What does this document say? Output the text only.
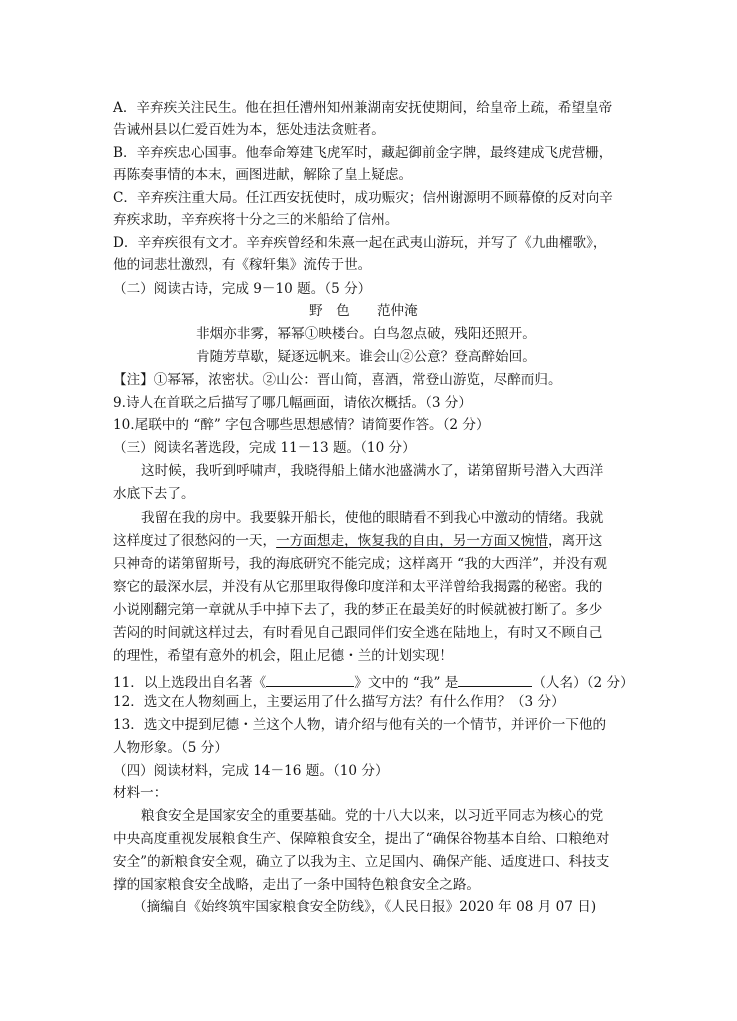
A．辛弃疾关注民生。他在担任漕州知州兼湖南安抚使期间，给皇帝上疏，希望皇帝
告诫州县以仁爱百姓为本，惩处违法贪赃者。
B．辛弃疾忠心国事。他奉命筹建飞虎军时，藏起御前金字牌，最终建成飞虎营栅，
再陈奏事情的本末，画图进献，解除了皇上疑虑。
C．辛弃疾注重大局。任江西安抚使时，成功赈灾；信州谢源明不顾幕僚的反对向辛
弃疾求助，辛弃疾将十分之三的米船给了信州。
D．辛弃疾很有文才。辛弃疾曾经和朱熹一起在武夷山游玩，并写了《九曲櫂歌》，
他的词悲壮激烈，有《稼轩集》流传于世。
（二）阅读古诗，完成 9－10 题。（5 分）
野　色　　范仲淹
非烟亦非雾，幂幂①映楼台。白鸟忽点破，残阳还照开。
肯随芳草歇，疑逐远帆来。谁会山②公意？登高醉始回。
【注】①幂幂，浓密状。②山公：晋山简，喜酒，常登山游览，尽醉而归。
9.诗人在首联之后描写了哪几幅画面，请依次概括。（3 分）
10.尾联中的 “醉” 字包含哪些思想感情？请简要作答。（2 分）
（三）阅读名著选段，完成 11－13 题。（10 分）
这时候，我听到呼啸声，我晓得船上储水池盛满水了，诺第留斯号潜入大西洋
水底下去了。
我留在我的房中。我要躲开船长，使他的眼睛看不到我心中激动的情绪。我就
这样度过了很愁闷的一天，一方面想走，恢复我的自由，另一方面又惋惜，离开这
只神奇的诺第留斯号，我的海底研究不能完成；这样离开 “我的大西洋”，并没有观
察它的最深水层，并没有从它那里取得像印度洋和太平洋曾给我揭露的秘密。我的
小说刚翻完第一章就从手中掉下去了，我的梦正在最美好的时候就被打断了。多少
苦闷的时间就这样过去，有时看见自己跟同伴们安全逃在陆地上，有时又不顾自己
的理性，希望有意外的机会，阻止尼德・兰的计划实现！
11．以上选段出自名著《	》文中的 “我” 是	（人名）（2 分）
12．选文在人物刻画上，主要运用了什么描写方法？有什么作用？（3 分）
13．选文中提到尼德・兰这个人物，请介绍与他有关的一个情节，并评价一下他的
人物形象。（5 分）
（四）阅读材料，完成 14－16 题。（10 分）
材料一：
粮食安全是国家安全的重要基础。党的十八大以来，以习近平同志为核心的党
中央高度重视发展粮食生产、保障粮食安全，提出了“确保谷物基本自给、口粮绝对
安全”的新粮食安全观，确立了以我为主、立足国内、确保产能、适度进口、科技支
撑的国家粮食安全战略，走出了一条中国特色粮食安全之路。
（摘编自《始终筑牢国家粮食安全防线》，《人民日报》2020 年 08 月 07 日)
